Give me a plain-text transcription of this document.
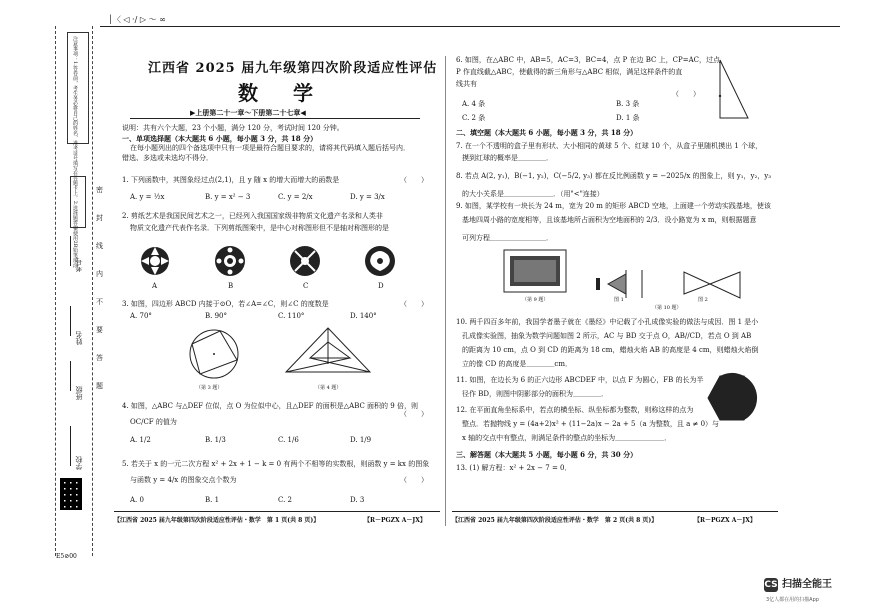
│〈 ◁ ·/ ▷ ～ ∞
注意事项：1.答卷前，考生务必将自己的姓名、准考证号填写在答题卡上。2.选择题答案使用2B铅笔填涂	密
封
线
内
不
要
答
题
考号
姓名
班级
学校
E5⊘00
江西省 2025 届九年级第四次阶段适应性评估
数 学
▶上册第二十一章～下册第二十七章◀
说明：共有六个大题，23 个小题，满分 120 分，考试时间 120 分钟。
一、单项选择题（本大题共 6 小题，每小题 3 分，共 18 分）
在每小题列出的四个备选项中只有一项是最符合题目要求的，请将其代码填入题后括号内．
错选、多选或未选均不得分．
1. 下列函数中，其图象经过点(2,1)，且 y 随 x 的增大而增大的函数是	（　　）
A. y = ½x	B. y = x² − 3	C. y = 2/x	D. y = 3/x
2. 剪纸艺术是我国民间艺术之一，已经列入我国国家级非物质文化遗产名录和人类非
物质文化遗产代表作名录．下列剪纸图案中，是中心对称图形但不是轴对称图形的是
A	B	C	D
3. 如图，四边形 ABCD 内接于⊙O，若∠A=∠C，则∠C 的度数是	（　　）
A. 70°	B. 90°	C. 110°	D. 140°
（第 3 题）	（第 4 题）
4. 如图，△ABC 与△DEF 位似，点 O 为位似中心，且△DEF 的面积是△ABC 面积的 9 倍，则
OC/CF 的值为
（　　）
A. 1/2	B. 1/3	C. 1/6	D. 1/9
5. 若关于 x 的一元二次方程 x² + 2x + 1 − k = 0 有两个不相等的实数根，则函数 y = kx 的图象
与函数 y = 4/x 的图象交点个数为	（　　）
A. 0	B. 1	C. 2	D. 3
【江西省 2025 届九年级第四次阶段适应性评估・数学　第 1 页(共 8 页)】	【R－PGZX A－JX】
6. 如图，在△ABC 中，AB=5，AC=3，BC=4，点 P 在边 BC 上，CP=AC，过点
P 作直线截△ABC，使截得的新三角形与△ABC 相似，满足这样条件的直
线共有
（　　）
A. 4 条	B. 3 条
C. 2 条	D. 1 条
二、填空题（本大题共 6 小题，每小题 3 分，共 18 分）
7. 在一个不透明的盒子里有形状、大小相同的黄球 5 个、红球 10 个，从盒子里随机摸出 1 个球，
摸到红球的概率是＿＿＿＿．
8. 若点 A(2, y₁)，B(−1, y₂)，C(−5/2, y₃) 都在反比例函数 y = −2025/x 的图象上，则 y₁，y₂，y₃
的大小关系是＿＿＿＿＿＿＿．（用"<"连接）
9. 如图，某学校有一块长为 24 m，宽为 20 m 的矩形 ABCD 空地，上面建一个劳动实践基地，使该
基地四周小路的宽度相等，且该基地所占面积为空地面积的 2/3．设小路宽为 x m，则根据题意
可列方程＿＿＿＿＿＿＿＿．
（第 9 题）	图 1	图 2
（第 10 题）
10. 两千四百多年前，我国学者墨子就在《墨经》中记载了小孔成像实验的做法与成因．图 1 是小
孔成像实验图，抽象为数学问题如图 2 所示，AC 与 BD 交于点 O，AB//CD，若点 O 到 AB
的距离为 10 cm，点 O 到 CD 的距离为 18 cm，蜡烛火焰 AB 的高度是 4 cm，则蜡烛火焰倒
立的像 CD 的高度是＿＿＿＿cm．
11. 如图，在边长为 6 的正六边形 ABCDEF 中，以点 F 为圆心，FB 的长为半
径作 BD，则图中阴影部分的面积为＿＿＿＿．
12. 在平面直角坐标系中，若点的横坐标、纵坐标都为整数，则称这样的点为
整点．若抛物线 y = (4a+2)x² + (11−2a)x − 2a + 5（a 为整数，且 a ≠ 0）与
x 轴的交点中有整点，则满足条件的整点的坐标为＿＿＿＿＿＿＿．
三、解答题（本大题共 5 小题，每小题 6 分，共 30 分）
13. (1) 解方程：x² + 2x − 7 = 0．
【江西省 2025 届九年级第四次阶段适应性评估・数学　第 2 页(共 8 页)】	【R－PGZX A－JX】
CS 扫描全能王
3亿人都在用的扫描App
